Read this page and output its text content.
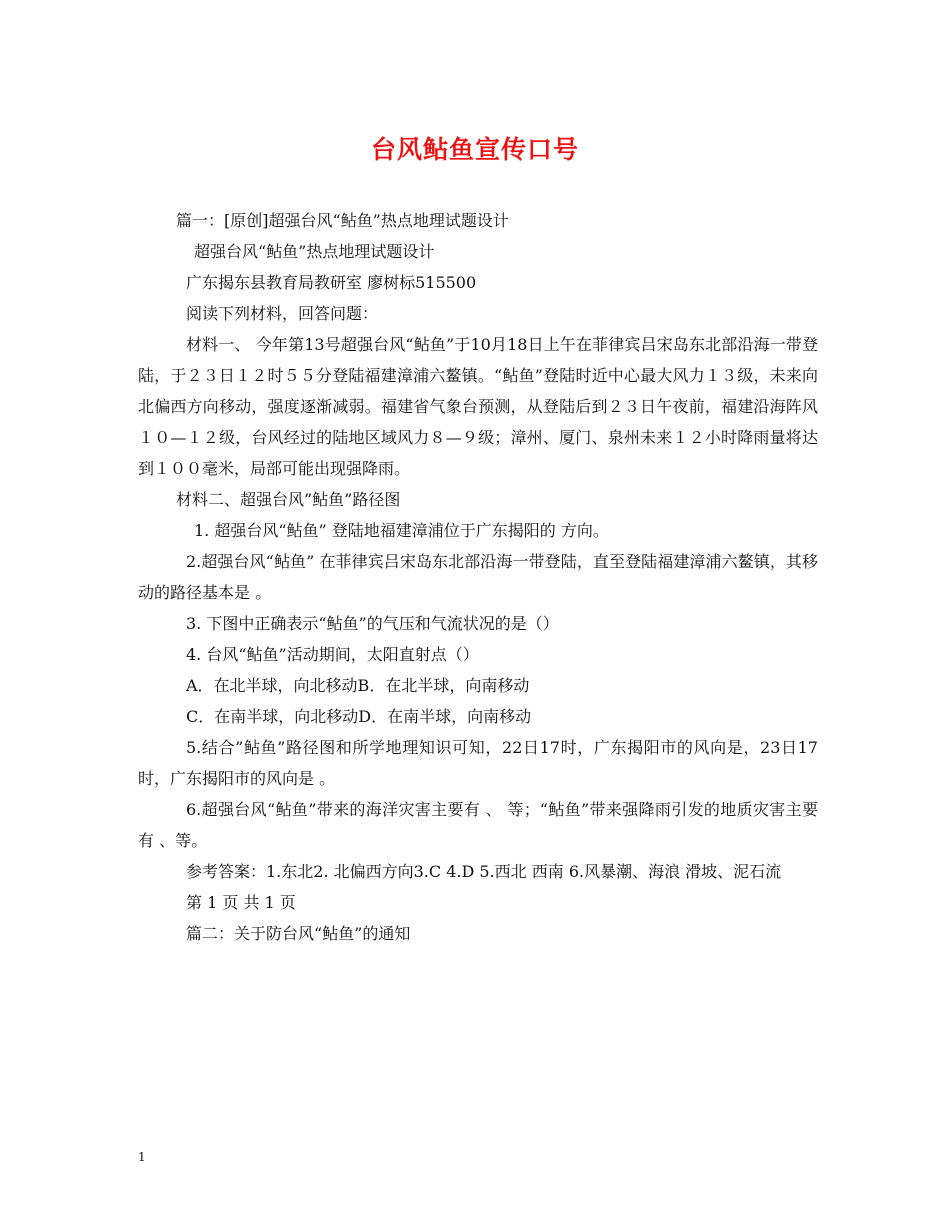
台风鲇鱼宣传口号
篇一：[原创]超强台风“鲇鱼”热点地理试题设计
超强台风“鲇鱼”热点地理试题设计
广东揭东县教育局教研室 廖树标515500
阅读下列材料，回答问题：
材料一、 今年第13号超强台风“鲇鱼”于10月18日上午在菲律宾吕宋岛东北部沿海一带登陆，于２３日１２时５５分登陆福建漳浦六鳌镇。“鲇鱼”登陆时近中心最大风力１３级，未来向北偏西方向移动，强度逐渐减弱。福建省气象台预测，从登陆后到２３日午夜前，福建沿海阵风１０—１２级，台风经过的陆地区域风力８—９级；漳州、厦门、泉州未来１２小时降雨量将达到１００毫米，局部可能出现强降雨。
材料二、超强台风”鲇鱼”路径图
1. 超强台风“鲇鱼” 登陆地福建漳浦位于广东揭阳的 方向。
2.超强台风“鲇鱼” 在菲律宾吕宋岛东北部沿海一带登陆，直至登陆福建漳浦六鳌镇，其移动的路径基本是 。
3. 下图中正确表示“鲇鱼”的气压和气流状况的是（）
4. 台风“鲇鱼”活动期间，太阳直射点（）
A．在北半球，向北移动B．在北半球，向南移动
C．在南半球，向北移动D．在南半球，向南移动
5.结合”鲇鱼”路径图和所学地理知识可知，22日17时，广东揭阳市的风向是，23日17时，广东揭阳市的风向是 。
6.超强台风“鲇鱼”带来的海洋灾害主要有 、 等；“鲇鱼”带来强降雨引发的地质灾害主要有 、等。
参考答案：1.东北2. 北偏西方向3.C 4.D 5.西北 西南 6.风暴潮、海浪 滑坡、泥石流
第 1 页 共 1 页
篇二：关于防台风“鲇鱼”的通知
1
